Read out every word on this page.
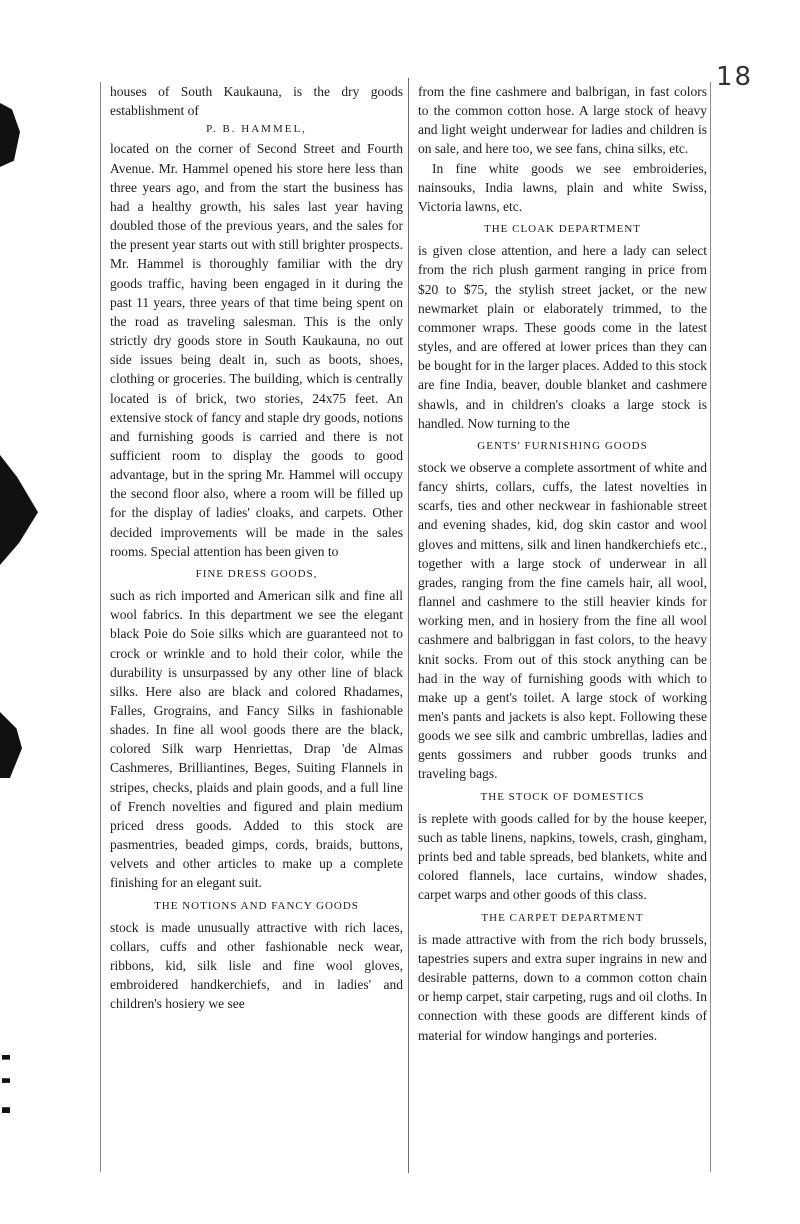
18

houses of South Kaukauna, is the dry goods establishment of

P. B. HAMMEL,

located on the corner of Second Street and Fourth Avenue. Mr. Hammel opened his store here less than three years ago, and from the start the business has had a healthy growth, his sales last year having doubled those of the previous years, and the sales for the present year starts out with still brighter prospects. Mr. Hammel is thoroughly familiar with the dry goods traffic, having been engaged in it during the past 11 years, three years of that time being spent on the road as traveling salesman. This is the only strictly dry goods store in South Kaukauna, no out side issues being dealt in, such as boots, shoes, clothing or groceries. The building, which is centrally located is of brick, two stories, 24x75 feet. An extensive stock of fancy and staple dry goods, notions and furnishing goods is carried and there is not sufficient room to display the goods to good advantage, but in the spring Mr. Hammel will occupy the second floor also, where a room will be filled up for the display of ladies' cloaks, and carpets. Other decided improvements will be made in the sales rooms. Special attention has been given to

FINE DRESS GOODS,

such as rich imported and American silk and fine all wool fabrics. In this department we see the elegant black Poie do Soie silks which are guaranteed not to crock or wrinkle and to hold their color, while the durability is unsurpassed by any other line of black silks. Here also are black and colored Rhadames, Falles, Grograins, and Fancy Silks in fashionable shades. In fine all wool goods there are the black, colored Silk warp Henriettas, Drap 'de Almas Cashmeres, Brilliantines, Beges, Suiting Flannels in stripes, checks, plaids and plain goods, and a full line of French novelties and figured and plain medium priced dress goods. Added to this stock are pasmentries, beaded gimps, cords, braids, buttons, velvets and other articles to make up a complete finishing for an elegant suit.

THE NOTIONS AND FANCY GOODS

stock is made unusually attractive with rich laces, collars, cuffs and other fashionable neck wear, ribbons, kid, silk lisle and fine wool gloves, embroidered handkerchiefs, and in ladies' and children's hosiery we see

from the fine cashmere and balbrigan, in fast colors to the common cotton hose. A large stock of heavy and light weight underwear for ladies and children is on sale, and here too, we see fans, china silks, etc.

In fine white goods we see embroideries, nainsouks, India lawns, plain and white Swiss, Victoria lawns, etc.

THE CLOAK DEPARTMENT

is given close attention, and here a lady can select from the rich plush garment ranging in price from $20 to $75, the stylish street jacket, or the new newmarket plain or elaborately trimmed, to the commoner wraps. These goods come in the latest styles, and are offered at lower prices than they can be bought for in the larger places. Added to this stock are fine India, beaver, double blanket and cashmere shawls, and in children's cloaks a large stock is handled. Now turning to the

GENTS' FURNISHING GOODS

stock we observe a complete assortment of white and fancy shirts, collars, cuffs, the latest novelties in scarfs, ties and other neckwear in fashionable street and evening shades, kid, dog skin castor and wool gloves and mittens, silk and linen handkerchiefs etc., together with a large stock of underwear in all grades, ranging from the fine camels hair, all wool, flannel and cashmere to the still heavier kinds for working men, and in hosiery from the fine all wool cashmere and balbriggan in fast colors, to the heavy knit socks. From out of this stock anything can be had in the way of furnishing goods with which to make up a gent's toilet. A large stock of working men's pants and jackets is also kept. Following these goods we see silk and cambric umbrellas, ladies and gents gossimers and rubber goods trunks and traveling bags.

THE STOCK OF DOMESTICS

is replete with goods called for by the house keeper, such as table linens, napkins, towels, crash, gingham, prints bed and table spreads, bed blankets, white and colored flannels, lace curtains, window shades, carpet warps and other goods of this class.

THE CARPET DEPARTMENT

is made attractive with from the rich body brussels, tapestries supers and extra super ingrains in new and desirable patterns, down to a common cotton chain or hemp carpet, stair carpeting, rugs and oil cloths. In connection with these goods are different kinds of material for window hangings and porteries.
